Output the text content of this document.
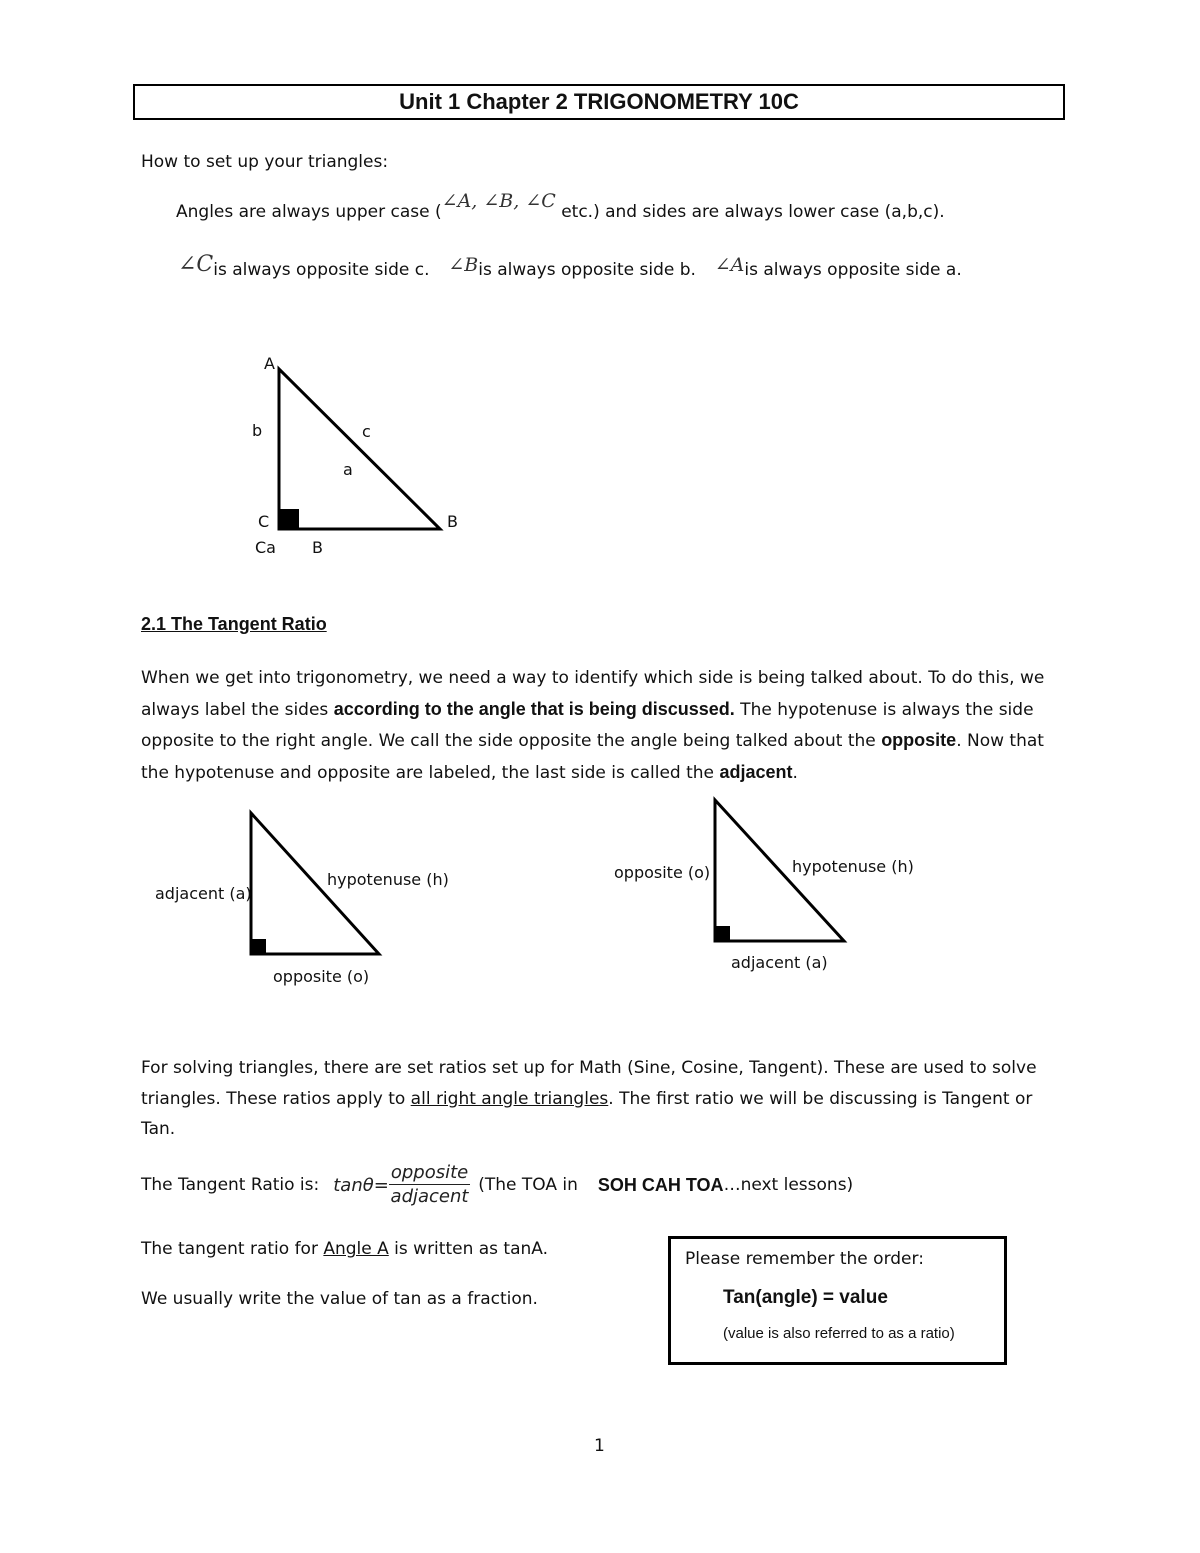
Unit 1 Chapter 2 TRIGONOMETRY 10C
How to set up your triangles:
Angles are always upper case (∠A, ∠B, ∠C etc.) and sides are always lower case (a,b,c).
∠Cis always opposite side c. ∠Bis always opposite side b. ∠Ais always opposite side a.
A
b	c
a
C	B
Ca B
2.1 The Tangent Ratio
When we get into trigonometry, we need a way to identify which side is being talked about. To do this, we always label the sides according to the angle that is being discussed. The hypotenuse is always the side opposite to the right angle. We call the side opposite the angle being talked about the opposite. Now that the hypotenuse and opposite are labeled, the last side is called the adjacent.
adjacent (a)
hypotenuse (h)
opposite (o)
opposite (o)	hypotenuse (h)
adjacent (a)
For solving triangles, there are set ratios set up for Math (Sine, Cosine, Tangent). These are used to solve triangles. These ratios apply to all right angle triangles. The first ratio we will be discussing is Tangent or Tan.
The Tangent Ratio is: $\tan\theta= \frac{\text{opposite}}{\text{adjacent}} (The$ TOA in SOH CAH TOA …next lessons)
The tangent ratio for Angle A is written as tanA.
We usually write the value of tan as a fraction.
Please remember the order:
Tan(angle) = value
(value is also referred to as a ratio)
1
